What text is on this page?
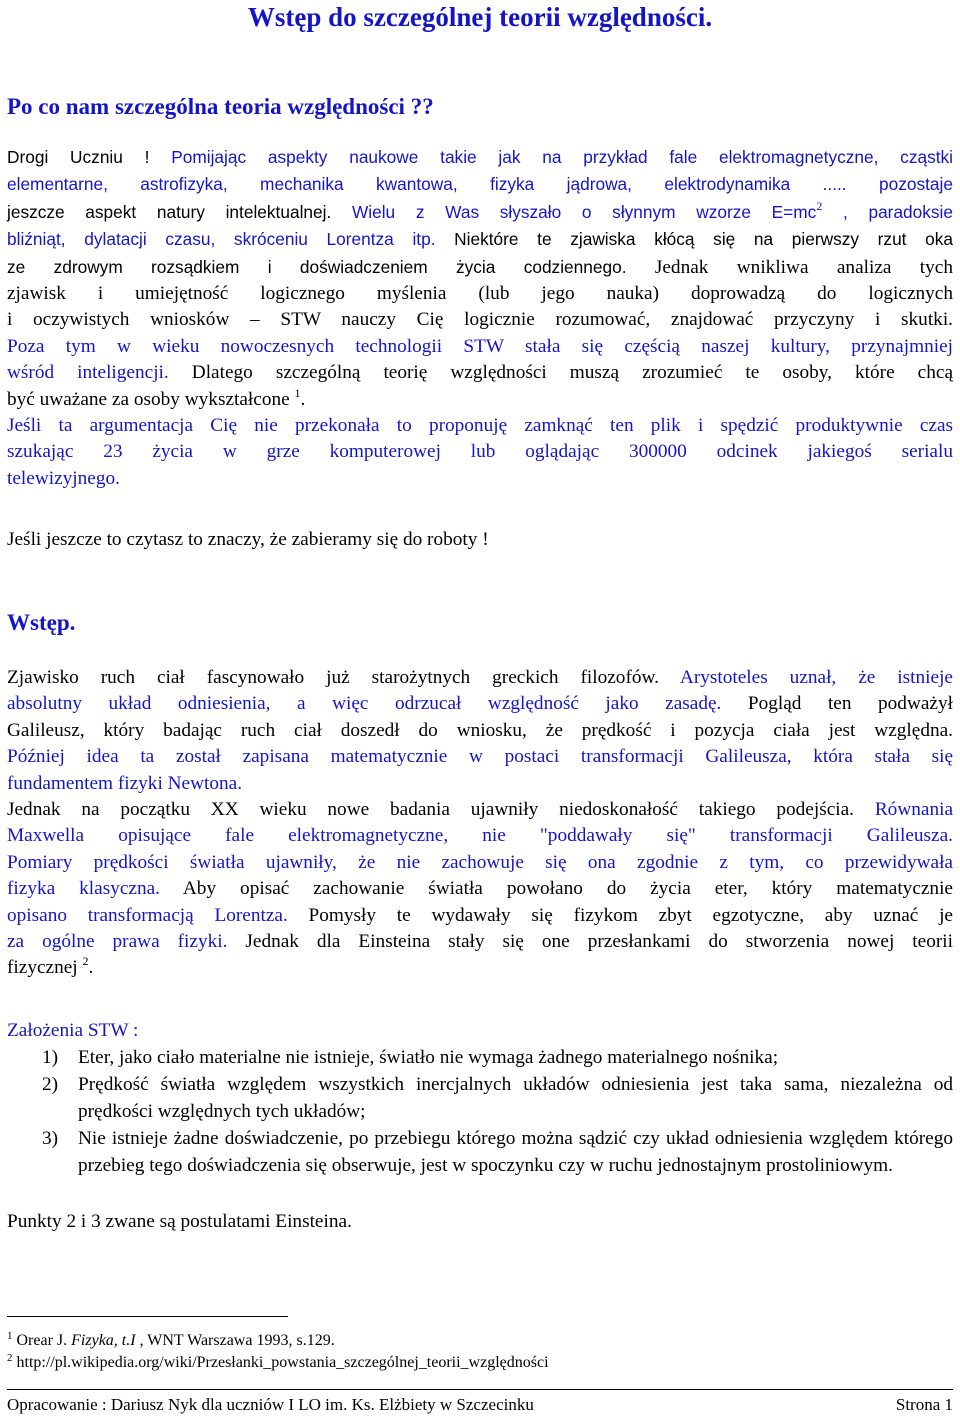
Wstęp do szczególnej teorii względności.
Po co nam szczególna teoria względności ??
Drogi Uczniu ! Pomijając aspekty naukowe takie jak na przykład fale elektromagnetyczne, cząstki
elementarne, astrofizyka, mechanika kwantowa, fizyka jądrowa, elektrodynamika ..... pozostaje
jeszcze aspekt natury intelektualnej. Wielu z Was słyszało o słynnym wzorze $E=mc^2$ , paradoksie
bliźniąt, dylatacji czasu, skróceniu Lorentza itp. Niektóre te zjawiska kłócą się na pierwszy rzut oka
ze zdrowym rozsądkiem i doświadczeniem życia codziennego. Jednak wnikliwa analiza tych
zjawisk i umiejętność logicznego myślenia (lub jego nauka) doprowadzą do logicznych
i oczywistych wniosków – STW nauczy Cię logicznie rozumować, znajdować przyczyny i skutki.
Poza tym w wieku nowoczesnych technologii STW stała się częścią naszej kultury, przynajmniej
wśród inteligencji. Dlatego szczególną teorię względności muszą zrozumieć te osoby, które chcą
być uważane za osoby wykształcone $^1$.
Jeśli ta argumentacja Cię nie przekonała to proponuję zamknąć ten plik i spędzić produktywnie czas
szukając 23 życia w grze komputerowej lub oglądając 300000 odcinek jakiegoś serialu
telewizyjnego.
Jeśli jeszcze to czytasz to znaczy, że zabieramy się do roboty !
Wstęp.
Zjawisko ruch ciał fascynowało już starożytnych greckich filozofów. Arystoteles uznał, że istnieje
absolutny układ odniesienia, a więc odrzucał względność jako zasadę. Pogląd ten podważył
Galileusz, który badając ruch ciał doszedł do wniosku, że prędkość i pozycja ciała jest względna.
Później idea ta został zapisana matematycznie w postaci transformacji Galileusza, która stała się
fundamentem fizyki Newtona.
Jednak na początku XX wieku nowe badania ujawniły niedoskonałość takiego podejścia. Równania
Maxwella opisujące fale elektromagnetyczne, nie "poddawały się" transformacji Galileusza.
Pomiary prędkości światła ujawniły, że nie zachowuje się ona zgodnie z tym, co przewidywała
fizyka klasyczna. Aby opisać zachowanie światła powołano do życia eter, który matematycznie
opisano transformacją Lorentza. Pomysły te wydawały się fizykom zbyt egzotyczne, aby uznać je
za ogólne prawa fizyki. Jednak dla Einsteina stały się one przesłankami do stworzenia nowej teorii
fizycznej $^2$.
Założenia STW :
1) Eter, jako ciało materialne nie istnieje, światło nie wymaga żadnego materialnego nośnika;
2) Prędkość światła względem wszystkich inercjalnych układów odniesienia jest taka sama, niezależna od prędkości względnych tych układów;
3) Nie istnieje żadne doświadczenie, po przebiegu którego można sądzić czy układ odniesienia względem którego przebieg tego doświadczenia się obserwuje, jest w spoczynku czy w ruchu jednostajnym prostoliniowym.
Punkty 2 i 3 zwane są postulatami Einsteina.
$^1$ Orear J. Fizyka, t.I , WNT Warszawa 1993, s.129.
$^2$ http://pl.wikipedia.org/wiki/Przesłanki_powstania_szczególnej_teorii_względności
Opracowanie : Dariusz Nyk dla uczniów I LO im. Ks. Elżbiety w Szczecinku	Strona 1
